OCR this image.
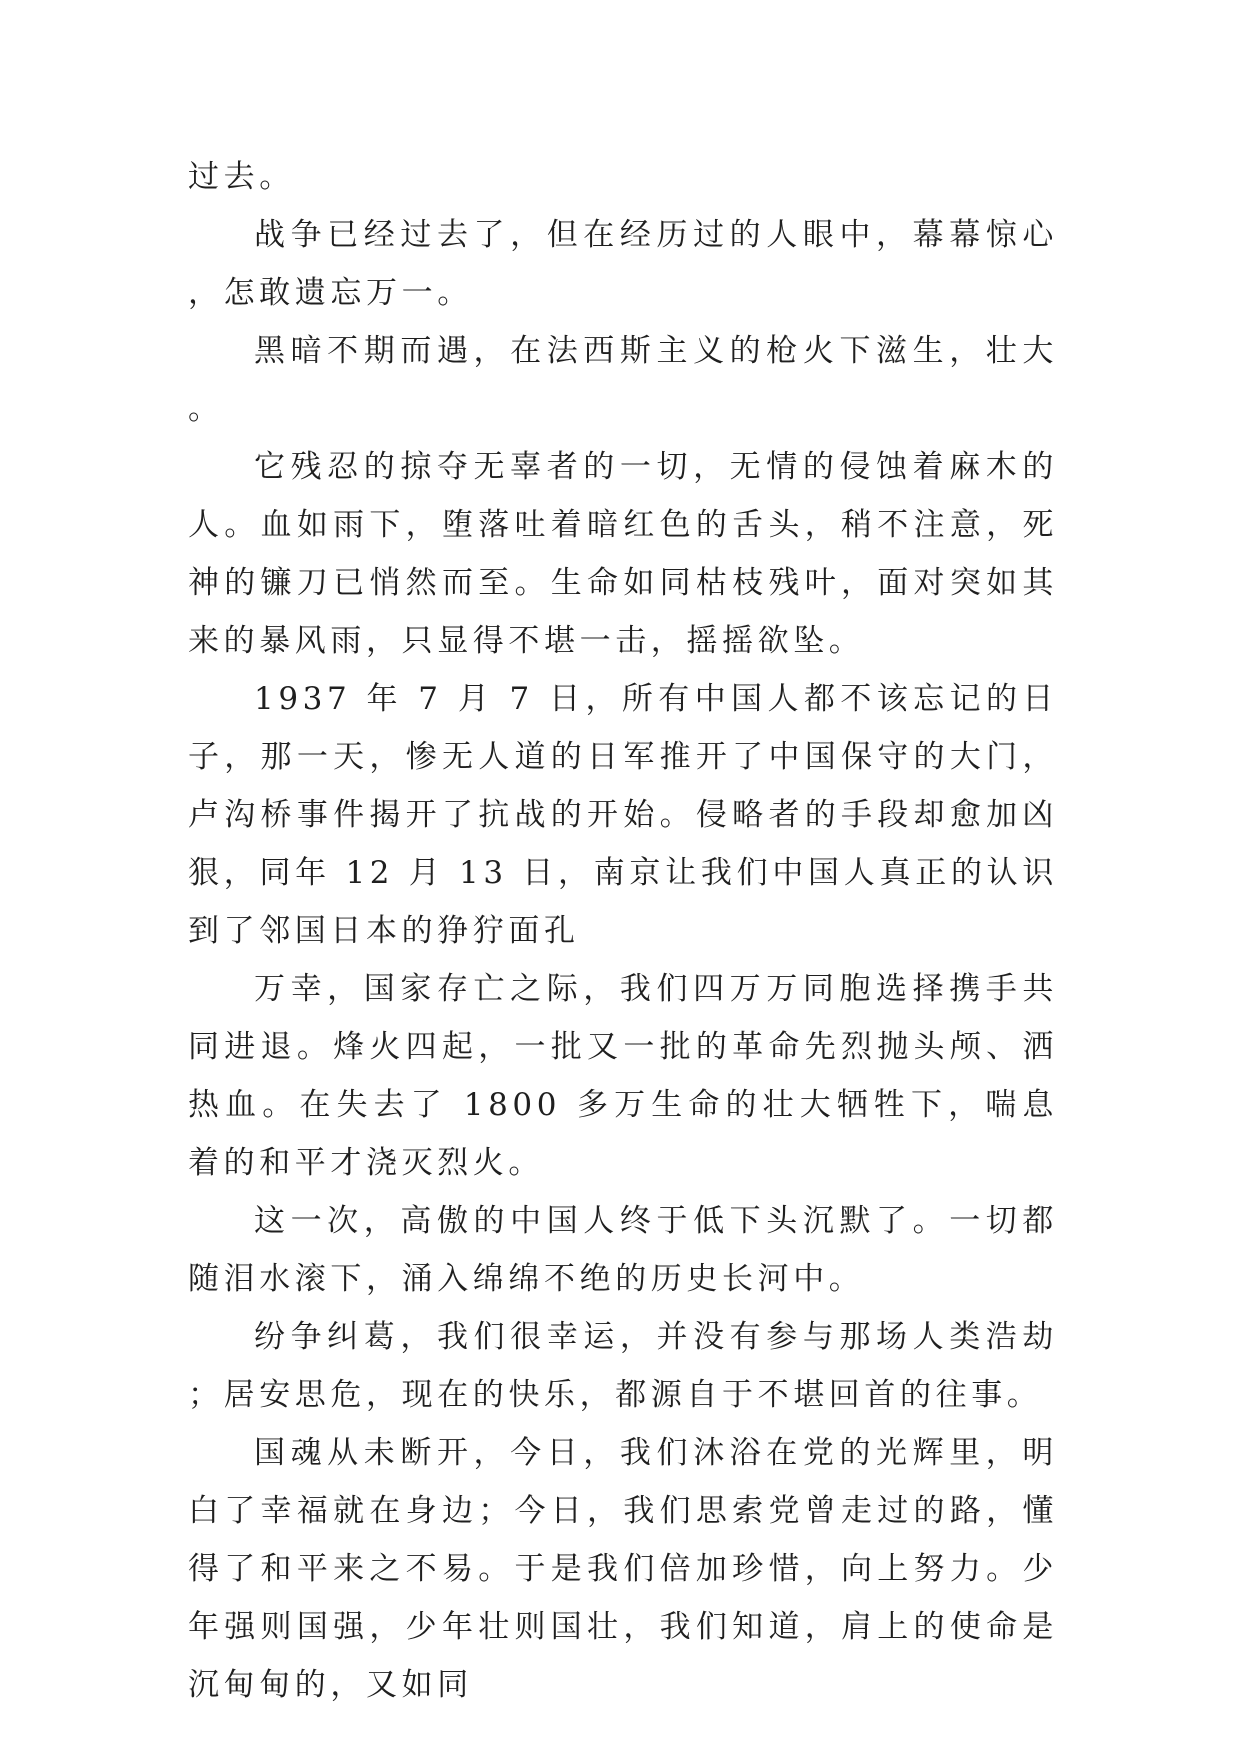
过去。

战争已经过去了，但在经历过的人眼中，幕幕惊心，怎敢遗忘万一。

黑暗不期而遇，在法西斯主义的枪火下滋生，壮大。

它残忍的掠夺无辜者的一切，无情的侵蚀着麻木的人。血如雨下，堕落吐着暗红色的舌头，稍不注意，死神的镰刀已悄然而至。生命如同枯枝残叶，面对突如其来的暴风雨，只显得不堪一击，摇摇欲坠。

1937 年 7 月 7 日，所有中国人都不该忘记的日子，那一天，惨无人道的日军推开了中国保守的大门，卢沟桥事件揭开了抗战的开始。侵略者的手段却愈加凶狠，同年 12 月 13 日，南京让我们中国人真正的认识到了邻国日本的狰狞面孔

万幸，国家存亡之际，我们四万万同胞选择携手共同进退。烽火四起，一批又一批的革命先烈抛头颅、洒热血。在失去了 1800 多万生命的壮大牺牲下，喘息着的和平才浇灭烈火。

这一次，高傲的中国人终于低下头沉默了。一切都随泪水滚下，涌入绵绵不绝的历史长河中。

纷争纠葛，我们很幸运，并没有参与那场人类浩劫；居安思危，现在的快乐，都源自于不堪回首的往事。

国魂从未断开，今日，我们沐浴在党的光辉里，明白了幸福就在身边；今日，我们思索党曾走过的路，懂得了和平来之不易。于是我们倍加珍惜，向上努力。少年强则国强，少年壮则国壮，我们知道，肩上的使命是沉甸甸的，又如同
